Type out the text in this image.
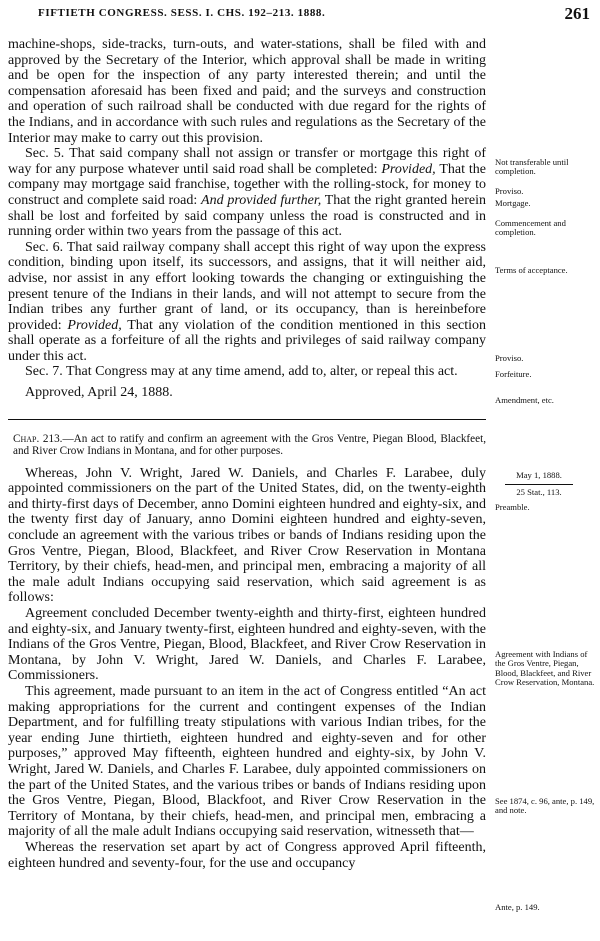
FIFTIETH CONGRESS. SESS. I. CHS. 192–213. 1888.	261

machine-shops, side-tracks, turn-outs, and water-stations, shall be filed with and approved by the Secretary of the Interior, which approval shall be made in writing and be open for the inspection of any party interested therein; and until the compensation aforesaid has been fixed and paid; and the surveys and construction and operation of such railroad shall be conducted with due regard for the rights of the Indians, and in accordance with such rules and regulations as the Secretary of the Interior may make to carry out this provision.

Sec. 5. That said company shall not assign or transfer or mortgage this right of way for any purpose whatever until said road shall be completed: Provided, That the company may mortgage said franchise, together with the rolling-stock, for money to construct and complete said road: And provided further, That the right granted herein shall be lost and forfeited by said company unless the road is constructed and in running order within two years from the passage of this act.

Sec. 6. That said railway company shall accept this right of way upon the express condition, binding upon itself, its successors, and assigns, that it will neither aid, advise, nor assist in any effort looking towards the changing or extinguishing the present tenure of the Indians in their lands, and will not attempt to secure from the Indian tribes any further grant of land, or its occupancy, than is hereinbefore provided: Provided, That any violation of the condition mentioned in this section shall operate as a forfeiture of all the rights and privileges of said railway company under this act.

Sec. 7. That Congress may at any time amend, add to, alter, or repeal this act.

Approved, April 24, 1888.

Chap. 213.—An act to ratify and confirm an agreement with the Gros Ventre, Piegan Blood, Blackfeet, and River Crow Indians in Montana, and for other purposes.

Whereas, John V. Wright, Jared W. Daniels, and Charles F. Larabee, duly appointed commissioners on the part of the United States, did, on the twenty-eighth and thirty-first days of December, anno Domini eighteen hundred and eighty-six, and the twenty first day of January, anno Domini eighteen hundred and eighty-seven, conclude an agreement with the various tribes or bands of Indians residing upon the Gros Ventre, Piegan, Blood, Blackfeet, and River Crow Reservation in Montana Territory, by their chiefs, head-men, and principal men, embracing a majority of all the male adult Indians occupying said reservation, which said agreement is as follows:

Agreement concluded December twenty-eighth and thirty-first, eighteen hundred and eighty-six, and January twenty-first, eighteen hundred and eighty-seven, with the Indians of the Gros Ventre, Piegan, Blood, Blackfeet, and River Crow Reservation in Montana, by John V. Wright, Jared W. Daniels, and Charles F. Larabee, Commissioners.

This agreement, made pursuant to an item in the act of Congress entitled “An act making appropriations for the current and contingent expenses of the Indian Department, and for fulfilling treaty stipulations with various Indian tribes, for the year ending June thirtieth, eighteen hundred and eighty-seven and for other purposes,” approved May fifteenth, eighteen hundred and eighty-six, by John V. Wright, Jared W. Daniels, and Charles F. Larabee, duly appointed commissioners on the part of the United States, and the various tribes or bands of Indians residing upon the Gros Ventre, Piegan, Blood, Blackfoot, and River Crow Reservation in the Territory of Montana, by their chiefs, head-men, and principal men, embracing a majority of all the male adult Indians occupying said reservation, witnesseth that—

Whereas the reservation set apart by act of Congress approved April fifteenth, eighteen hundred and seventy-four, for the use and occupancy

Not transferable until completion.
Proviso.
Mortgage.
Commencement and completion.
Terms of acceptance.
Proviso.
Forfeiture.
Amendment, etc.
May 1, 1888.
25 Stat., 113.
Preamble.
Agreement with Indians of the Gros Ventre, Piegan, Blood, Blackfeet, and River Crow Reservation, Montana.
See 1874, c. 96, ante, p. 149, and note.
Ante, p. 149.
